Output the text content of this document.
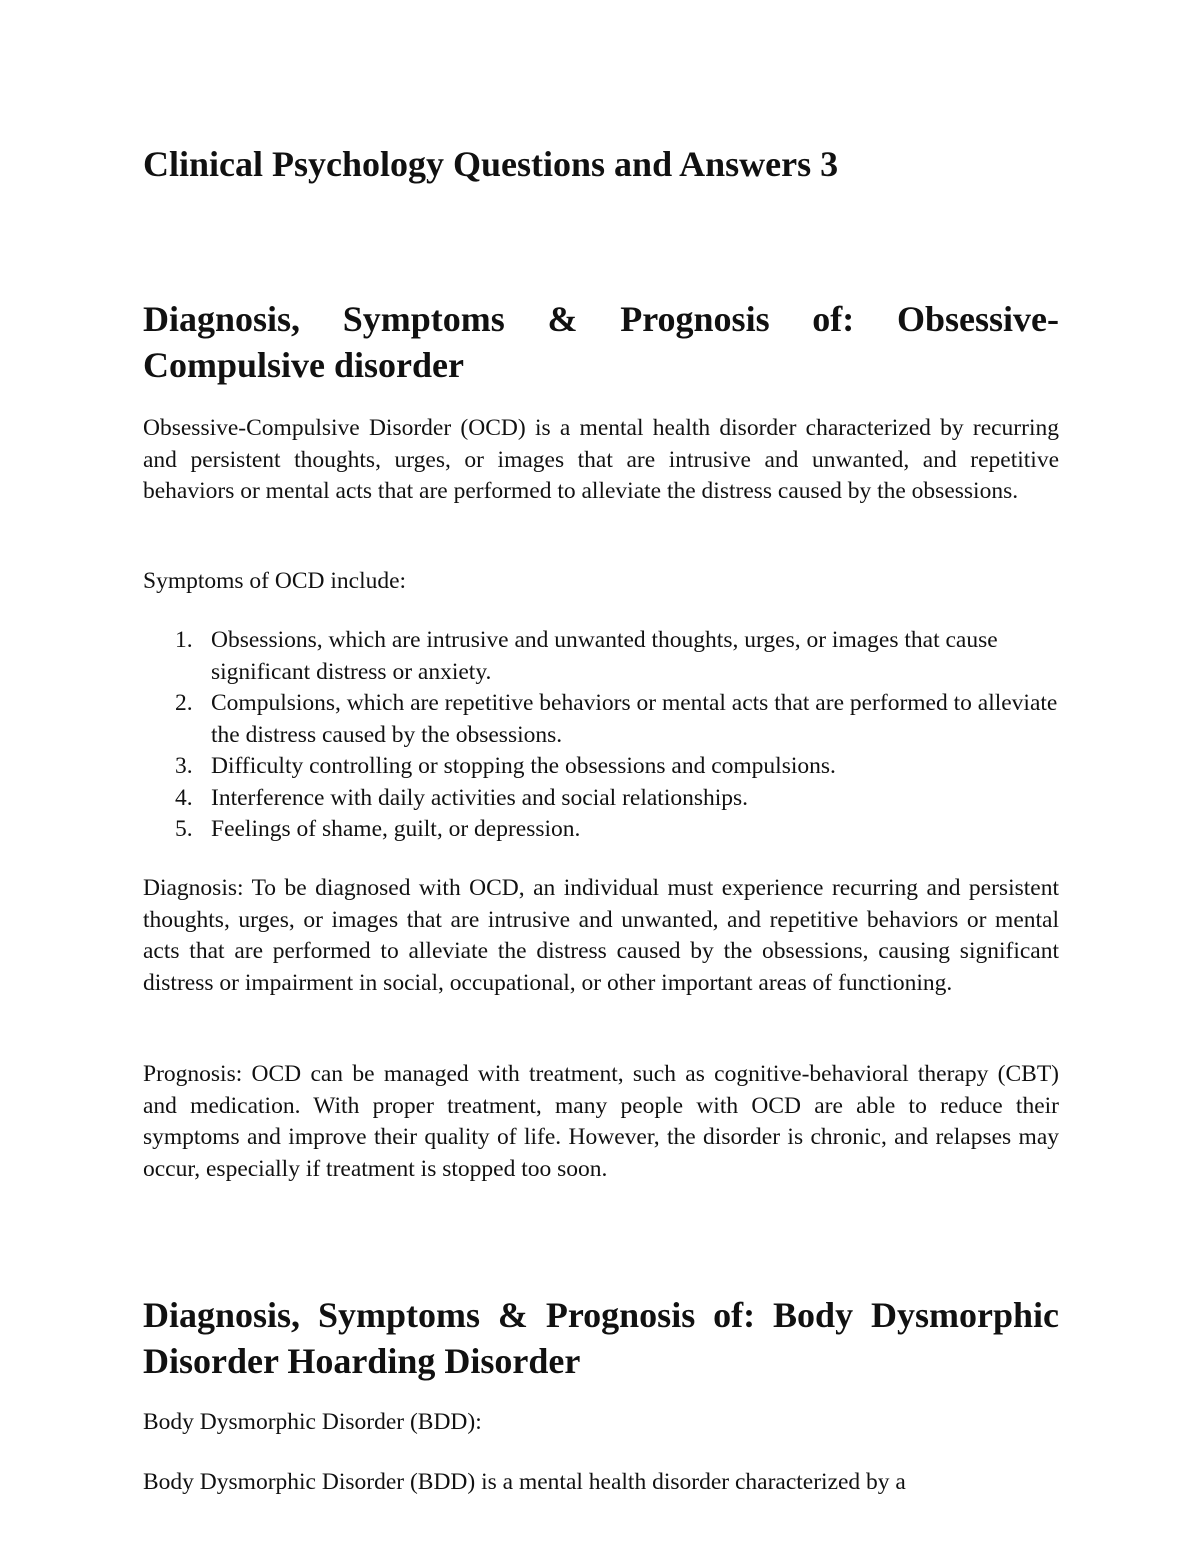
Clinical Psychology Questions and Answers 3
Diagnosis, Symptoms & Prognosis of: Obsessive-Compulsive disorder

Obsessive-Compulsive Disorder (OCD) is a mental health disorder characterized by recurring and persistent thoughts, urges, or images that are intrusive and unwanted, and repetitive behaviors or mental acts that are performed to alleviate the distress caused by the obsessions.

Symptoms of OCD include:

1. Obsessions, which are intrusive and unwanted thoughts, urges, or images that cause significant distress or anxiety.
2. Compulsions, which are repetitive behaviors or mental acts that are performed to alleviate the distress caused by the obsessions.
3. Difficulty controlling or stopping the obsessions and compulsions.
4. Interference with daily activities and social relationships.
5. Feelings of shame, guilt, or depression.

Diagnosis: To be diagnosed with OCD, an individual must experience recurring and persistent thoughts, urges, or images that are intrusive and unwanted, and repetitive behaviors or mental acts that are performed to alleviate the distress caused by the obsessions, causing significant distress or impairment in social, occupational, or other important areas of functioning.

Prognosis: OCD can be managed with treatment, such as cognitive-behavioral therapy (CBT) and medication. With proper treatment, many people with OCD are able to reduce their symptoms and improve their quality of life. However, the disorder is chronic, and relapses may occur, especially if treatment is stopped too soon.

Diagnosis, Symptoms & Prognosis of: Body Dysmorphic Disorder Hoarding Disorder

Body Dysmorphic Disorder (BDD):

Body Dysmorphic Disorder (BDD) is a mental health disorder characterized by a
